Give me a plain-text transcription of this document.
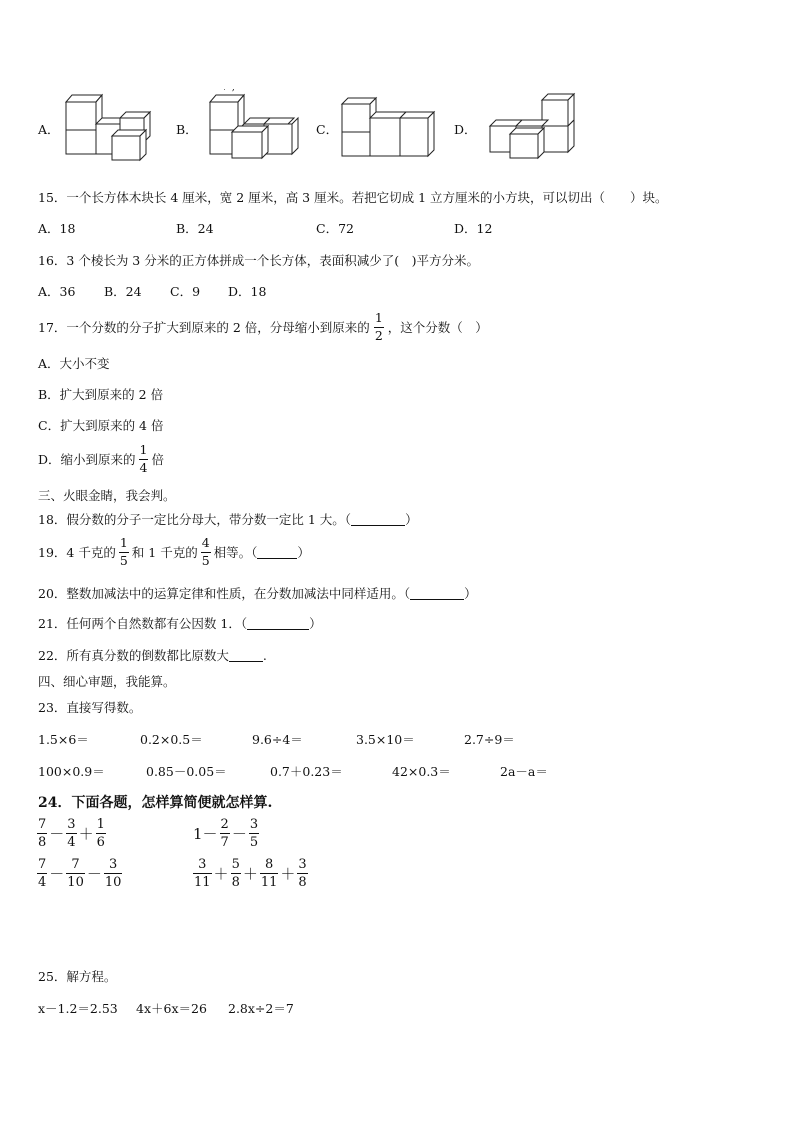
A．
﹒ ,
B．	C．	D．
15．一个长方体木块长 4 厘米，宽 2 厘米，高 3 厘米。若把它切成 1 立方厘米的小方块，可以切出（　　）块。
A．18	B．24	C．72	D．12
16．3 个棱长为 3 分米的正方体拼成一个长方体，表面积减少了(　)平方分米。
A．36 B．24 C．9 D．18
17．一个分数的分子扩大到原来的 2 倍，分母缩小到原来的 $\frac{1}{2}$ ，这个分数（　）
A．大小不变
B．扩大到原来的 2 倍
C．扩大到原来的 4 倍
D．缩小到原来的 $\frac{1}{4}$ 倍
三、火眼金睛，我会判。
18．假分数的分子一定比分母大，带分数一定比 1 大。（	）
19．4 千克的 $\frac{1}{5}$ 和 1 千克的 $\frac{4}{5}$ 相等。（	）
20．整数加减法中的运算定律和性质，在分数加减法中同样适用。（	）
21．任何两个自然数都有公因数 1．（	）
22．所有真分数的倒数都比原数大	.
四、细心审题，我能算。
23．直接写得数。
1.5×6＝	0.2×0.5＝	9.6÷4＝	3.5×10＝	2.7÷9＝
100×0.9＝	0.85－0.05＝	0.7＋0.23＝	42×0.3＝	2a－a＝
24．下面各题，怎样算简便就怎样算.
$\frac{7}{8} - \frac{3}{4} + \frac{1}{6}$	$1- \frac{2}{7} - \frac{3}{5}$
$\frac{7}{4} - \frac{7}{10} - \frac{3}{10}$	$\frac{3}{11} + \frac{5}{8} + \frac{8}{11} + \frac{3}{8}$
25．解方程。
x－1.2＝2.53 4x＋6x＝26 2.8x÷2＝7
